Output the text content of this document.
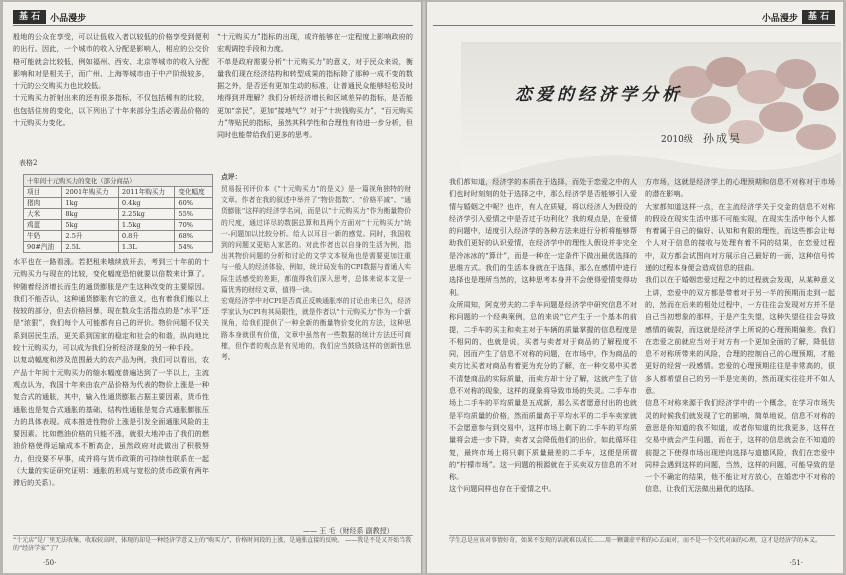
基 石	小品漫步
般地的公众在享受，可以让低收入者以较低的价格享受到便利的出行。因此，一个城市的收入分配是影响人，相应的公交价格可能就会比较低，例如福州、西安、北京等城市的收入分配影响和对是相关于，而广州、上海等城市由于中产阶级较多，十元的公交购买力也比较低。
十元购买力折射出来的还有很多指标，不仅包括稀有的比较，也包括住房的变化，以下列出了十年来部分生活必需品价格的十元购买力变化。
表格2
十年间十元购买力的变化（部分商品）
项目	2001年购买力	2011年购买力	变化幅度
猪肉	1kg	0.4kg	60%
大米	8kg	2.25kg	55%
鸡蛋	5kg	1.5kg	70%
牛奶	2.5升	0.8升	68%
90#汽油	2.5L	1.3L	54%
水平也在一路看涨。若把租来哦续放开去，考到三十年前的十元购买力与现在的比较，变化幅度恐怕就要以倍数来计算了。钟随着经济增长而生的通货膨胀是产生这种改变的主要原因。我们不能否认，这种通货膨胀有它的意义，也有着我们能以上按较的部分，但去价格回暴，现在数众生活指点的是“水平”还是“浓狠”，我们每个人可能都有自己的评价。物价问题不仅关系到居民生活，更关系到国家的稳定和社会的和谐，纵向地比较十元购买力，可以成为我们分析经济现象的另一种手段。
以复动幅度和涉及范围最大的农产品为例，我们可以看出，农产品十年间十元购买力的缩水幅度普遍达到了一半以上，主流观点认为，我国十年来由农产品价格为代表的物价上涨是一种复合式的通胀，其中，输入性通货膨胀占据主要因素，货币性通胀也是复合式通胀的基础，结构性通胀是复合式通胀膨胀压力的具体表现。成本推进性物价上涨是引发全面通胀风险的主要因素。比如燃油价格的只能不涨，就很大地冲击了我们的燃油价格使得运输成本不断高企，虽然政府对此做出了积极努力，但没要不早事，成并将与货币政策的可持续性联系在一起（大量的实证研究证明：通胀的形成与宽松的货币政策有两年滞后的关系）。
“十元购买力”指标的出现，或许能够在一定程度上影响政府的宏观调控手段和力度。
不单是政府需要分析“十元购买力”的意义，对于民众来说，衡量我们现在经济结构和转型成果的指标除了那种一成不变的数据之外，是否还有更加生动的标准，让普通民众能够轻松及时地得到并理解？我们分析经济增长和区域差异的指标，是否能更加“亲民”，更加“接地气”？对于“十块钱购买力”，“百元购买力”等贴民的指标，虽然其科学性和合理性有待进一步分析，但同时也能带给我们更多的思考。
点评：
贸易报刊评价本《“十元购买力”的是义》是一篇视角独特的财文章。作者在我的叙述中举并了“物价指数”、“价格平减”、“通货膨胀”这样的经济学名词，而是以“十元购买力”作为衡量物价的尺度，通过详尽的数据总算和具两个方面对“十元购买力”统一-问题加以比较分析。给人以耳目一新的感觉。同时，我国收到的问题又更贴人家恶的。对此作者也以自身的生活为例，指出其物价问题的分析和讨论的文学文本视角也是需要更加注重与一般人的经济体验，例如，统计局发布的CPI数据与普通人实际生活感受的差距，都值得我们深入思考，总体来说本文是一篇优秀的财经文章，值得一读。
宏观经济学中对CPI是否真正反映通胀率的讨论由来已久，经济学家认为CPI有其局限性，就是作者以"十元购买力"作为一个新视角，给我们提供了一种全新的衡量物价变化的方法，这种思路本身就很有价值，文章中虽然有一些数据的统计方法还可商榷，但作者的观点是有见地的，我们应当鼓励这样的创新性思考。
—— 王 毛（财经系 副教授）
“十元店”是厂里无法收集，收取较高时，体现的却是一种经济学意义上的“购买力”，价格时间段的上涨，是通胀直接的反映。 ——我是不是又开始当我的“经济学家”了？
·50·
小品漫步	基 石
恋爱的经济学分析
2010级 孙成昊
我们都知道，经济学的本质在于选择，而处于恋爱之中的人们也时时刻刻的处于选择之中，那么经济学是否能够引入爱情与婚姻之中呢？也许，有人在质疑，将以经济人为假设的经济学引入爱情之中是否过于功利化？我的观点是，在爱情的问题中，适度引入经济学的各种方法来进行分析将能够帮助我们更好的认识爱情，在经济学中的理性人假设并非完全是冷冰冰的“算计”，而是一种在一定条件下做出最优选择的思维方式。我们的生活本身就在于选择，那么在感情中进行选择也是理所当然的，这种思考本身并不会使得爱情变得功利。
众所周知，阿克劳夫的二手车问题是经济学中研究信息不对称问题的一个经典案例，总的来说“它产生于一个基本的前提，二手车的买主和卖主对于车辆的质量掌握的信息程度是不相同的，也就是说，买者与卖者对于商品的了解程度不同，因而产生了信息不对称的问题，在市场中，作为商品的卖方比买者对商品有着更为充分的了解，在一种交易中买者不清楚商品的实际质量，而卖方却十分了解，这就产生了信息不对称的现象，这样的现象将导致市场的失灵。二手车市场上二手车的平均质量是五成新，那么买者愿意付出的也就是平均质量的价格，然而质量高于平均水平的二手车卖家就不会愿意参与到交易中，这样市场上剩下的二手车的平均质量将会进一步下降，卖者又会降低他们的出价，如此循环往复，最终市场上将只剩下质量最差的二手车，这便是所谓的“柠檬市场”。这一问题的根源就在于买卖双方信息的不对称。
这个问题同样也存在于爱情之中。
方市场，这就是经济学上的心理预期和信息不对称对于市场的潜在影响。
大家都知道这样一点，在主流经济学关于交金的信息不对称的假设在现实生活中那不可能实现，在现实生活中每个人都有着属于自己的偏好、认知和有限的理性，而这些都会让每个人对于信息的接收与处理有着不同的结果，在恋爱过程中，双方都会试图向对方展示自己最好的一面，这种信号传递的过程本身便会造成信息的扭曲。
我们以在于婚姻恋爱过程之中的过程就会发现，从某种意义上讲，恋爱中的双方都是带着对于另一半的预期而走到一起的，然而在后来的相处过程中，一方往往会发现对方并不是自己当初想象的那样，于是产生失望，这种失望往往会导致感情的破裂，而这就是经济学上所说的心理预期偏差。我们在恋爱之前就应当对于对方有一个更加全面的了解，降低信息不对称所带来的风险，合理的控制自己的心理预期，才能更好的经营一段感情。恋爱的心理预期往往是非常高的，很多人都希望自己的另一半是完美的，然而现实往往并不如人意。
信息不对称来源于我们经济学中的一个概念，在学习市场失灵的时候我们就发现了它的影响，简单地说，信息不对称的意思是你知道的我不知道，或者你知道的比我更多，这样在交易中就会产生问题，而在于，这样的信息就会在不知道的前提之下使得市场出现逆向选择与道德风险，我们在恋爱中同样会遇到这样的问题，当然，这样的问题，可能导致的是一个不确定的结果，他不能让对方放心，在婚恋中不对称的信息，让我们无法做出最优的选择。
学生总是应该对事情好奇，如果不发现的话就难以成长……用一颗谦虚平和的心去面对，而不是一个交代对面的心理，这才是经济学的本义。
·51·
